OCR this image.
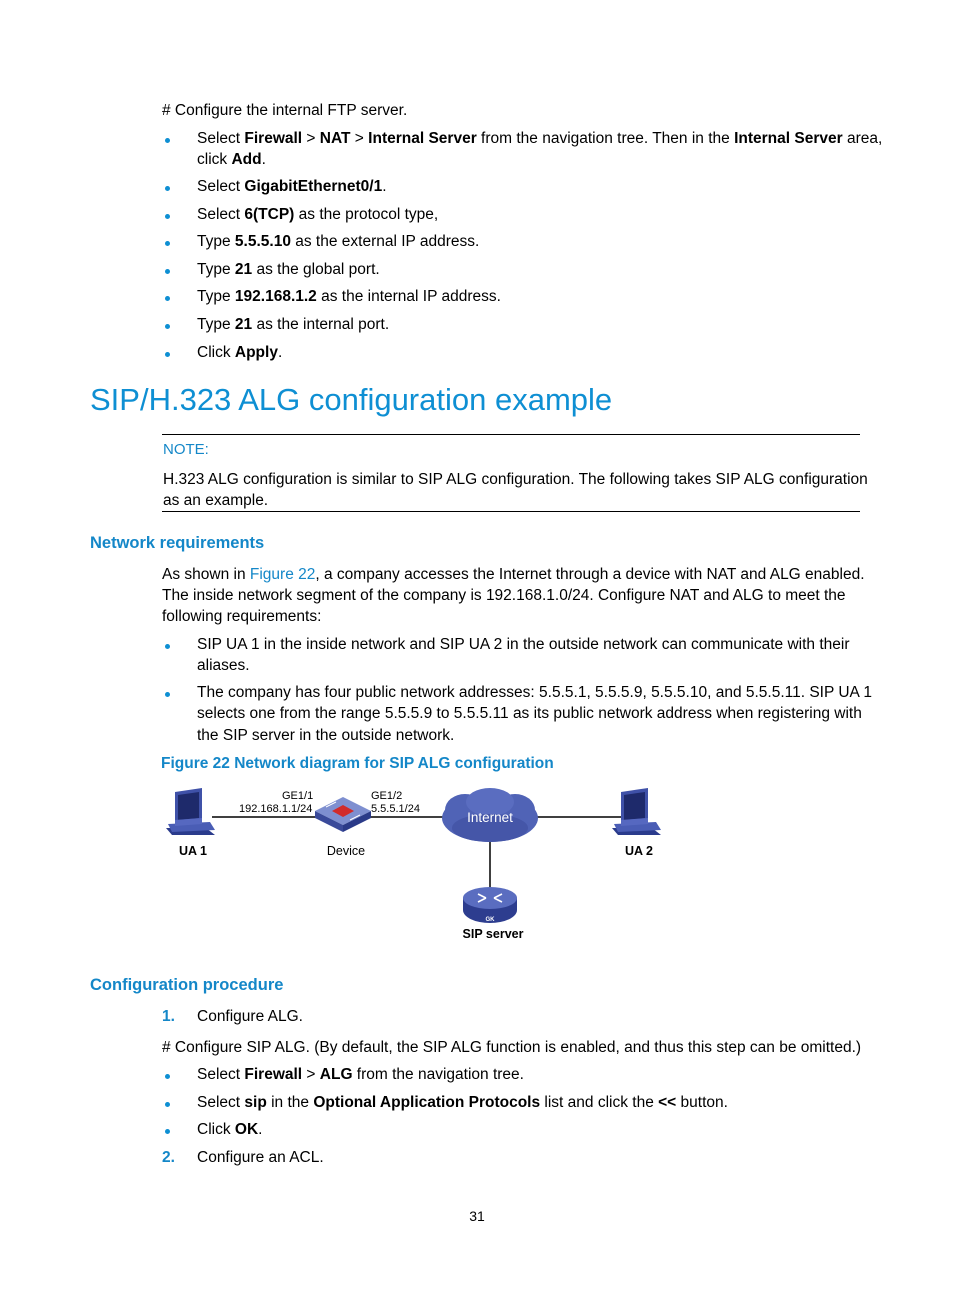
# Configure the internal FTP server.
Select Firewall > NAT > Internal Server from the navigation tree. Then in the Internal Server area,
click Add.
Select GigabitEthernet0/1.
Select 6(TCP) as the protocol type,
Type 5.5.5.10 as the external IP address.
Type 21 as the global port.
Type 192.168.1.2 as the internal IP address.
Type 21 as the internal port.
Click Apply.
SIP/H.323 ALG configuration example
NOTE:
H.323 ALG configuration is similar to SIP ALG configuration. The following takes SIP ALG configuration
as an example.
Network requirements
As shown in Figure 22, a company accesses the Internet through a device with NAT and ALG enabled.
The inside network segment of the company is 192.168.1.0/24. Configure NAT and ALG to meet the
following requirements:
SIP UA 1 in the inside network and SIP UA 2 in the outside network can communicate with their
aliases.
The company has four public network addresses: 5.5.5.1, 5.5.5.9, 5.5.5.10, and 5.5.5.11. SIP UA 1
selects one from the range 5.5.5.9 to 5.5.5.11 as its public network address when registering with
the SIP server in the outside network.
Figure 22 Network diagram for SIP ALG configuration
GE1/1
192.168.1.1/24
GE1/2
5.5.5.1/24
Internet
GK
UA 1	Device	UA 2
SIP server
Configuration procedure
1. Configure ALG.
# Configure SIP ALG. (By default, the SIP ALG function is enabled, and thus this step can be omitted.)
Select Firewall > ALG from the navigation tree.
Select sip in the Optional Application Protocols list and click the << button.
Click OK.
2. Configure an ACL.
31
